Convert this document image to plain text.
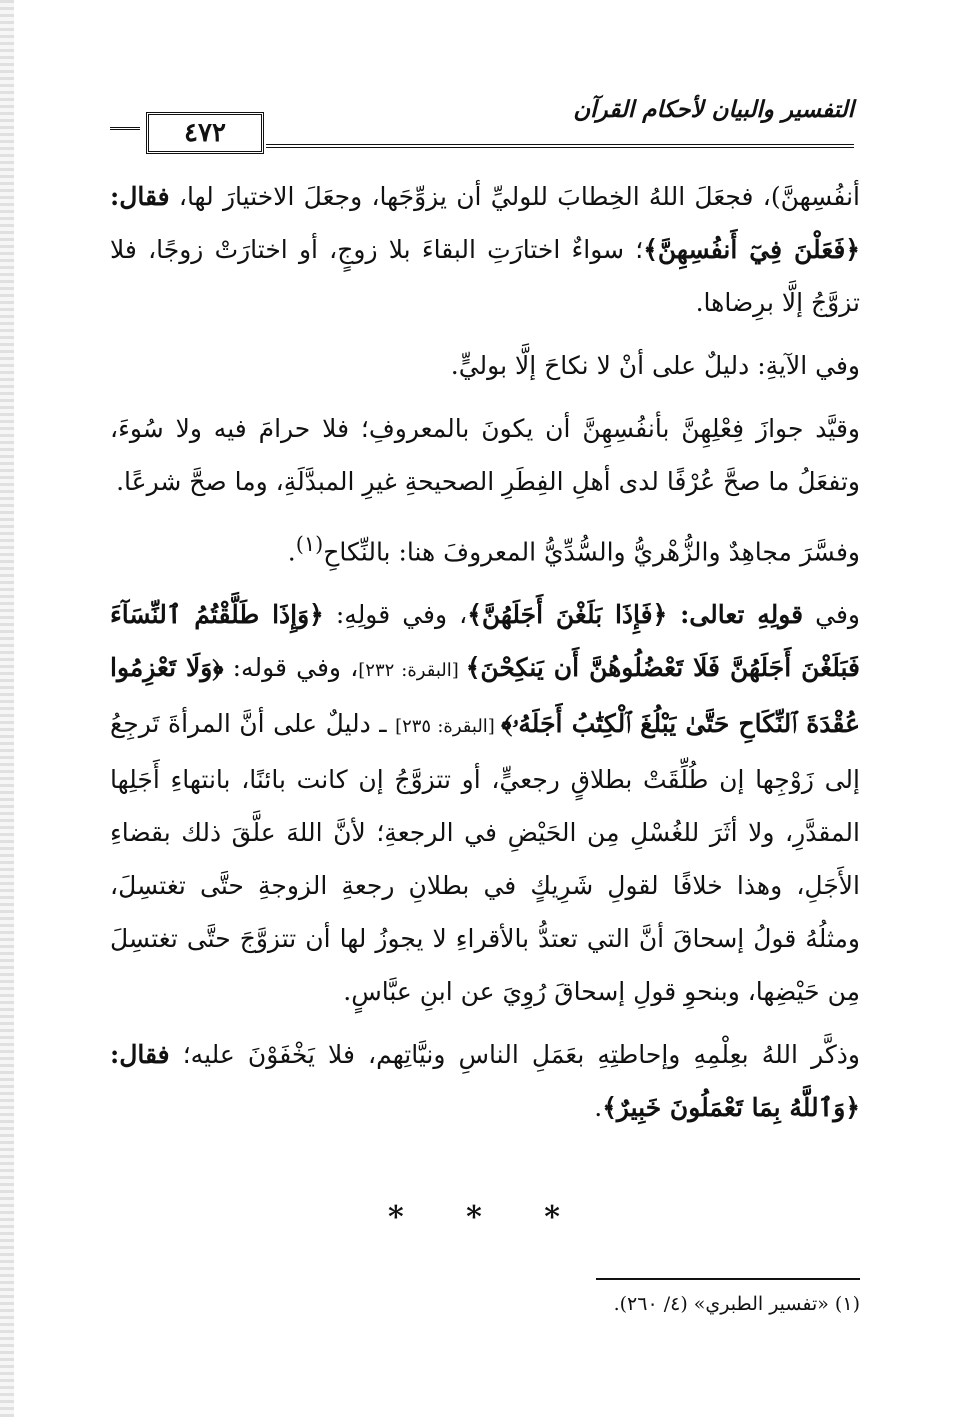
٤٧٢
التفسير والبيان لأحكام القرآن

أنفُسِهنَّ)، فجعَلَ اللهُ الخِطابَ للوليِّ أن يزوِّجَها، وجعَلَ الاختيارَ لها، فقال: ﴿فَعَلْنَ فِيٓ أَنفُسِهِنَّ﴾؛ سواءٌ اختارَتِ البقاءَ بلا زوجٍ، أو اختارَتْ زوجًا، فلا تزوَّجُ إلَّا برِضاها.

وفي الآيةِ: دليلٌ على أنْ لا نكاحَ إلَّا بوليٍّ.

وقيَّد جوازَ فِعْلِهِنَّ بأنفُسِهِنَّ أن يكونَ بالمعروفِ؛ فلا حرامَ فيه ولا سُوءَ، وتفعَلُ ما صحَّ عُرْفًا لدى أهلِ الفِطَرِ الصحيحةِ غيرِ المبدَّلَةِ، وما صحَّ شرعًا.

وفسَّرَ مجاهِدٌ والزُّهْريُّ والسُّدِّيُّ المعروفَ هنا: بالنِّكاحِ$^{(١)}$.

وفي قولِهِ تعالى: ﴿فَإِذَا بَلَغْنَ أَجَلَهُنَّ﴾، وفي قولِهِ: ﴿وَإِذَا طَلَّقْتُمُ ٱلنِّسَآءَ فَبَلَغْنَ أَجَلَهُنَّ فَلَا تَعْضُلُوهُنَّ أَن يَنكِحْنَ﴾ [البقرة: ٢٣٢]، وفي قوله: ﴿وَلَا تَعْزِمُوا عُقْدَةَ ٱلنِّكَاحِ حَتَّىٰ يَبْلُغَ ٱلْكِتَٰبُ أَجَلَهُۥ﴾ [البقرة: ٢٣٥] ـ دليلٌ على أنَّ المرأةَ تَرجِعُ إلى زَوْجِها إن طُلِّقَتْ بطلاقٍ رجعيٍّ، أو تتزوَّجُ إن كانت بائنًا، بانتهاءِ أَجَلِها المقدَّرِ، ولا أثَرَ للغُسْلِ مِن الحَيْضِ في الرجعةِ؛ لأنَّ اللهَ علَّقَ ذلك بقضاءِ الأَجَلِ، وهذا خلافًا لقولِ شَرِيكٍ في بطلانِ رجعةِ الزوجةِ حتَّى تغتسِلَ، ومثلُهُ قولُ إسحاقَ أنَّ التي تعتدُّ بالأقراءِ لا يجوزُ لها أن تتزوَّجَ حتَّى تغتسِلَ مِن حَيْضِها، وبنحوِ قولِ إسحاقَ رُوِيَ عن ابنِ عبَّاسٍ.

وذكَّر اللهُ بعِلْمِهِ وإحاطتِهِ بعَمَلِ الناسِ ونيَّاتِهم، فلا يَخْفَوْنَ عليه؛ فقال: ﴿وَٱللَّهُ بِمَا تَعْمَلُونَ خَبِيرٌ﴾.

* * *
(١) «تفسير الطبري» (٤/ ٢٦٠).
